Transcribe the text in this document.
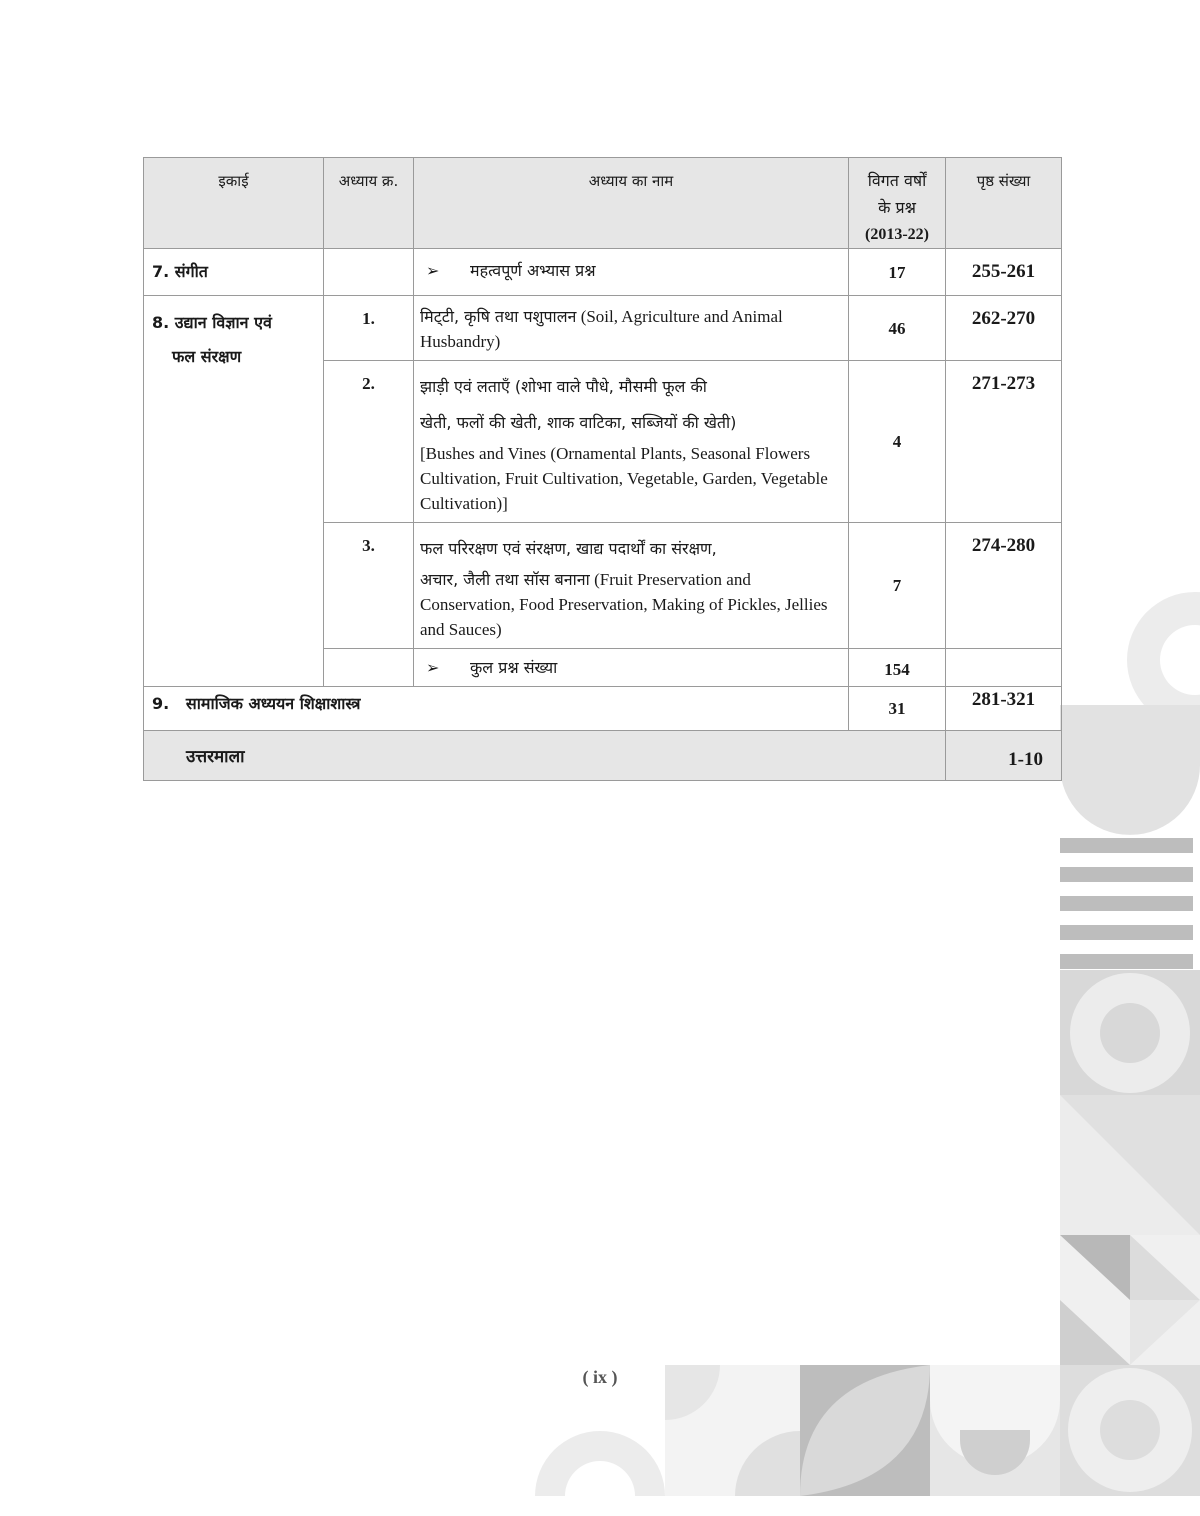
इकाई	अध्याय क्र.	अध्याय का नाम	विगत वर्षों
के प्रश्न
(2013-22)	पृष्ठ संख्या
7. संगीत		➢ महत्वपूर्ण अभ्यास प्रश्न	17	255-261
8. उद्यान विज्ञान एवं
फल संरक्षण	1.	मिट्‌टी, कृषि तथा पशुपालन (Soil, Agriculture and Animal Husbandry)	46	262-270
	2.	झाड़ी एवं लताएँ (शोभा वाले पौधे, मौसमी फूल की
खेती, फलों की खेती, शाक वाटिका, सब्जियों की खेती)
[Bushes and Vines (Ornamental Plants, Seasonal Flowers Cultivation, Fruit Cultivation, Vegetable, Garden, Vegetable Cultivation)]	4	271-273
	3.	फल परिरक्षण एवं संरक्षण, खाद्य पदार्थों का संरक्षण,
अचार, जैली तथा सॉस बनाना (Fruit Preservation and Conservation, Food Preservation, Making of Pickles, Jellies and Sauces)	7	274-280
		➢ कुल प्रश्न संख्या	154	
9.   सामाजिक अध्ययन शिक्षाशास्त्र			31	281-321
उत्तरमाला				1-10
( ix )
